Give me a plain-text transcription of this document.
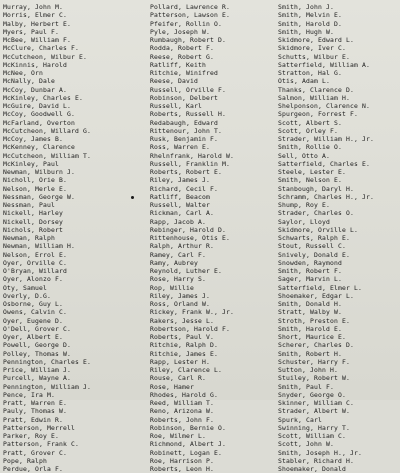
Murray, John M.
Morris, Elmer C.
Malby, Herbert E.
Myers, Paul F.
McBee, William F.
McClure, Charles F.
McCutcheon, Wilbur E.
McKinnis, Harold
McNee, Orn
McNally, Dale
McCoy, Dunbar A.
McKinley, Charles E.
McGuire, David L.
McCoy, Goodwell G.
McFarland, Overton
McCutcheon, Willard G.
McCoy, James B.
McKenney, Clarence
McCutcheon, William T.
McKinley, Paul
Newman, Wilburn J.
Nicholl, Orie B.
Nelson, Merle E.
Nessman, George W.
Nessman, Paul
Nickell, Harley
Nickell, Dorsey
Nichols, Robert
Newman, Ralph
Newman, William H.
Nelson, Errol E.
Oyer, Orville C.
O'Bryan, Willard
Oyer, Alonzo F.
Oty, Samuel
Overly, D.G.
Osborne, Guy L.
Owens, Calvin C.
Oyer, Eugene D.
O'Dell, Grover C.
Oyer, Albert E.
Powell, George D.
Polley, Thomas W.
Pennington, Charles E.
Price, William J.
Purcell, Wayne A.
Pennington, William J.
Pence, Ira M.
Pratt, Warren E.
Pauly, Thomas W.
Pratt, Edwin R.
Patterson, Merrell
Parker, Roy E.
Patterson, Frank C.
Pratt, Grover C.
Pope, Ralph
Perdue, Orla F.
Pollard, Lawrence R.
Patterson, Lawson E.
Pfeifer, Rollin O.
Pyle, Joseph W.
Rumbaugh, Robert D.
Rodda, Robert F.
Reese, Robert G.
Ratliff, Keith
Ritchie, Winifred
Reese, David
Russell, Orville F.
Robinson, Delbert
Russell, Karl
Roberts, Russell H.
Redabaugh, Edward
Rittenour, John T.
Rusk, Benjamin F.
Ross, Warren E.
Rhelnfrank, Harold W.
Russell, Franklin M.
Roberts, Robert E.
Riley, James J.
Richard, Cecil F.
Ratliff, Beacom
Russell, Walter
Rickman, Carl A.
Rapp, Jacob A.
Rebinger, Harold D.
Rittenhouse, Otis E.
Ralph, Arthur R.
Ramey, Carl F.
Ramy, Aubrey
Reynold, Luther E.
Rose, Harry S.
Rop, Willie
Riley, James J.
Ross, Orland W.
Rickey, Frank W., Jr.
Rakers, Jesse L.
Robertson, Harold F.
Roberts, Paul V.
Ritchie, Ralph D.
Ritchie, James E.
Rapp, Lester H.
Riley, Clarence L.
Rouse, Carl R.
Rose, Hamer
Rhodes, Harold G.
Reed, William T.
Reno, Arizona W.
Roberts, John F.
Robinson, Bernie O.
Roe, Wilmer L.
Richmond, Albert J.
Robinett, Logan E.
Roe, Harrison P.
Roberts, Leon H.
Smith, John J.
Smith, Melvin E.
Smith, Harold D.
Smith, Hugh W.
Skidmore, Edward L.
Skidmore, Iver C.
Schutts, Wilbur E.
Satterfield, William A.
Stratton, Hal G.
Otis, Adam L.
Thanks, Clarence D.
Salmon, William H.
Shelponson, Clarence N.
Spurgeon, Forrest F.
Scott, Albert S.
Scott, Orley F.
Strader, William H., Jr.
Smith, Rollie O.
Sell, Otto A.
Satterfield, Charles E.
Steele, Lester E.
Smith, Nelson E.
Stanbough, Daryl H.
Schramm, Charles H., Jr.
Shump, Roy E.
Strader, Charles O.
Saylor, Lloyd
Skidmore, Orville L.
Schwarts, Ralph E.
Stout, Russell C.
Snively, Donald E.
Snowden, Raymond
Smith, Robert F.
Sager, Marvin L.
Satterfield, Elmer L.
Shoemaker, Edgar L.
Smith, Donald H.
Stratt, Walby W.
Stroth, Preston E.
Smith, Harold E.
Short, Maurice E.
Scherer, Charles D.
Smith, Robert H.
Schuster, Harry F.
Sutton, John H.
Stuiley, Robert W.
Smith, Paul F.
Snyder, George O.
Skinner, William C.
Strader, Albert W.
Spurk, Carl
Swinning, Harry T.
Scott, William C.
Scott, John W.
Smith, Joseph H., Jr.
Stabler, Richard H.
Shoemaker, Donald
